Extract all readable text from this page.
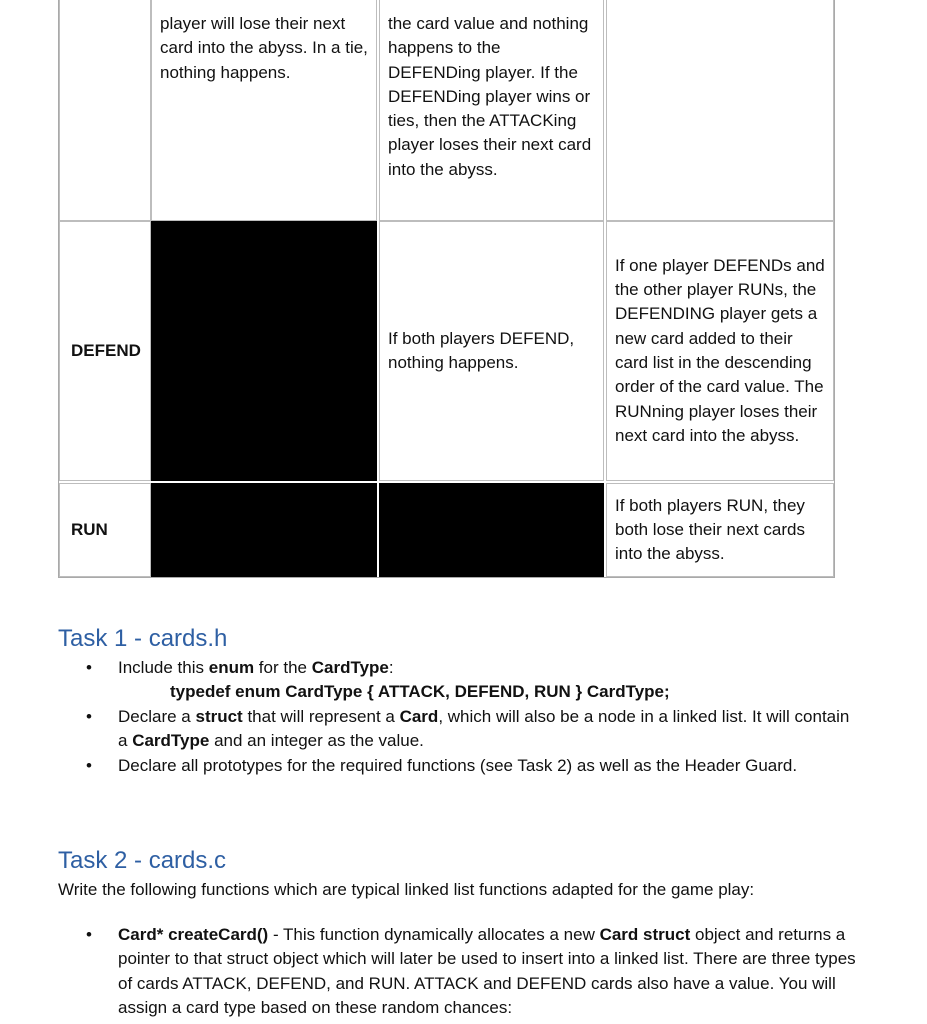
player will lose their next card into the abyss. In a tie, nothing happens.

the card value and nothing happens to the DEFENDing player. If the DEFENDing player wins or ties, then the ATTACKing player loses their next card into the abyss.

DEFEND

If both players DEFEND, nothing happens.

If one player DEFENDs and the other player RUNs, the DEFENDING player gets a new card added to their card list in the descending order of the card value. The RUNning player loses their next card into the abyss.

RUN

If both players RUN, they both lose their next cards into the abyss.

Task 1 - cards.h
• Include this enum for the CardType:
typedef enum CardType { ATTACK, DEFEND, RUN } CardType;
• Declare a struct that will represent a Card, which will also be a node in a linked list. It will contain a CardType and an integer as the value.
• Declare all prototypes for the required functions (see Task 2) as well as the Header Guard.
Task 2 - cards.c

Write the following functions which are typical linked list functions adapted for the game play:

• Card* createCard() - This function dynamically allocates a new Card struct object and returns a pointer to that struct object which will later be used to insert into a linked list. There are three types of cards ATTACK, DEFEND, and RUN. ATTACK and DEFEND cards also have a value. You will assign a card type based on these random chances:
